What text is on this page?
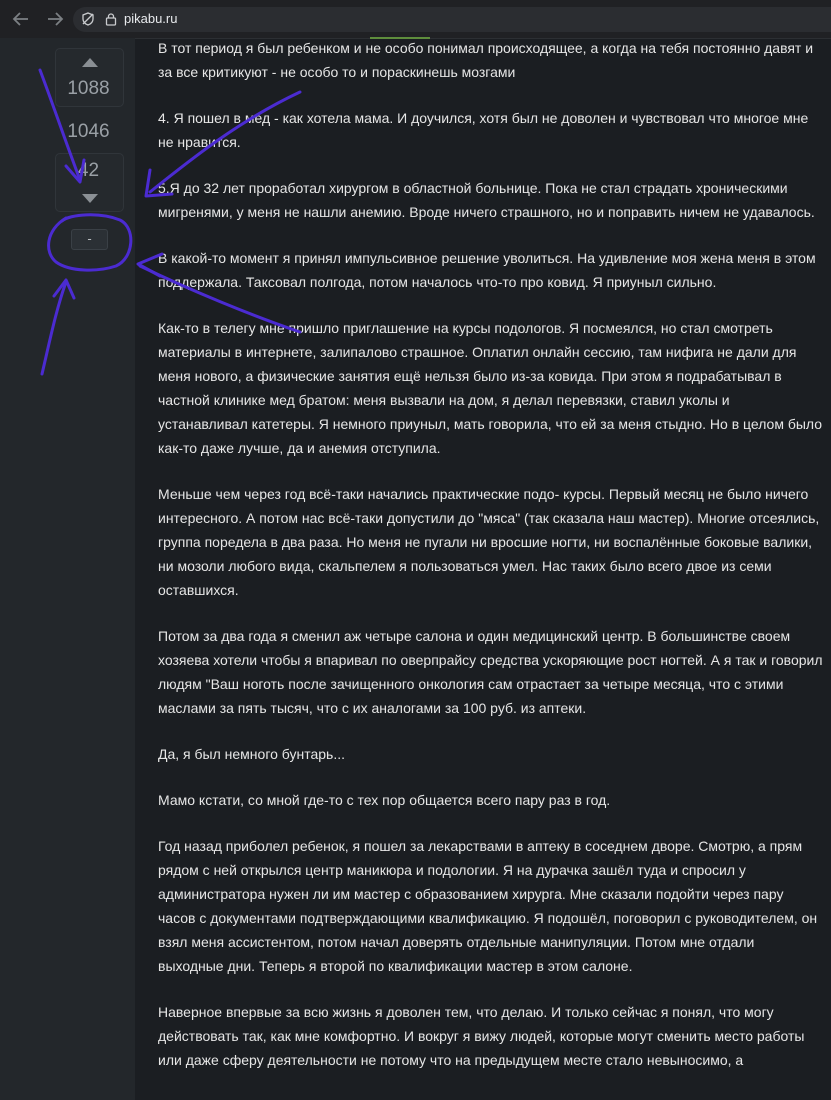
pikabu.ru
1088
1046
42
-

В тот период я был ребенком и не особо понимал происходящее, а когда на тебя постоянно давят и за все критикуют - не особо то и пораскинешь мозгами

4. Я пошел в мед - как хотела мама. И доучился, хотя был не доволен и чувствовал что многое мне не нравится.

5.Я до 32 лет проработал хирургом в областной больнице. Пока не стал страдать хроническими мигренями, у меня не нашли анемию. Вроде ничего страшного, но и поправить ничем не удавалось.

В какой-то момент я принял импульсивное решение уволиться. На удивление моя жена меня в этом поддержала. Таксовал полгода, потом началось что-то про ковид. Я приуныл сильно.

Как-то в телегу мне пришло приглашение на курсы подологов. Я посмеялся, но стал смотреть материалы в интернете, залипалово страшное. Оплатил онлайн сессию, там нифига не дали для меня нового, а физические занятия ещё нельзя было из-за ковида. При этом я подрабатывал в частной клинике мед братом: меня вызвали на дом, я делал перевязки, ставил уколы и устанавливал катетеры. Я немного приуныл, мать говорила, что ей за меня стыдно. Но в целом было как-то даже лучше, да и анемия отступила.

Меньше чем через год всё-таки начались практические подо- курсы. Первый месяц не было ничего интересного. А потом нас всё-таки допустили до "мяса" (так сказала наш мастер). Многие отсеялись, группа поредела в два раза. Но меня не пугали ни вросшие ногти, ни воспалённые боковые валики, ни мозоли любого вида, скальпелем я пользоваться умел. Нас таких было всего двое из семи оставшихся.

Потом за два года я сменил аж четыре салона и один медицинский центр. В большинстве своем хозяева хотели чтобы я впаривал по оверпрайсу средства ускоряющие рост ногтей. А я так и говорил людям "Ваш ноготь после зачищенного онкология сам отрастает за четыре месяца, что с этими маслами за пять тысяч, что с их аналогами за 100 руб. из аптеки.

Да, я был немного бунтарь...

Мамо кстати, со мной где-то с тех пор общается всего пару раз в год.

Год назад приболел ребенок, я пошел за лекарствами в аптеку в соседнем дворе. Смотрю, а прям рядом с ней открылся центр маникюра и подологии. Я на дурачка зашёл туда и спросил у администратора нужен ли им мастер с образованием хирурга. Мне сказали подойти через пару часов с документами подтверждающими квалификацию. Я подошёл, поговорил с руководителем, он взял меня ассистентом, потом начал доверять отдельные манипуляции. Потом мне отдали выходные дни. Теперь я второй по квалификации мастер в этом салоне.

Наверное впервые за всю жизнь я доволен тем, что делаю. И только сейчас я понял, что могу действовать так, как мне комфортно. И вокруг я вижу людей, которые могут сменить место работы или даже сферу деятельности не потому что на предыдущем месте стало невыносимо, а
